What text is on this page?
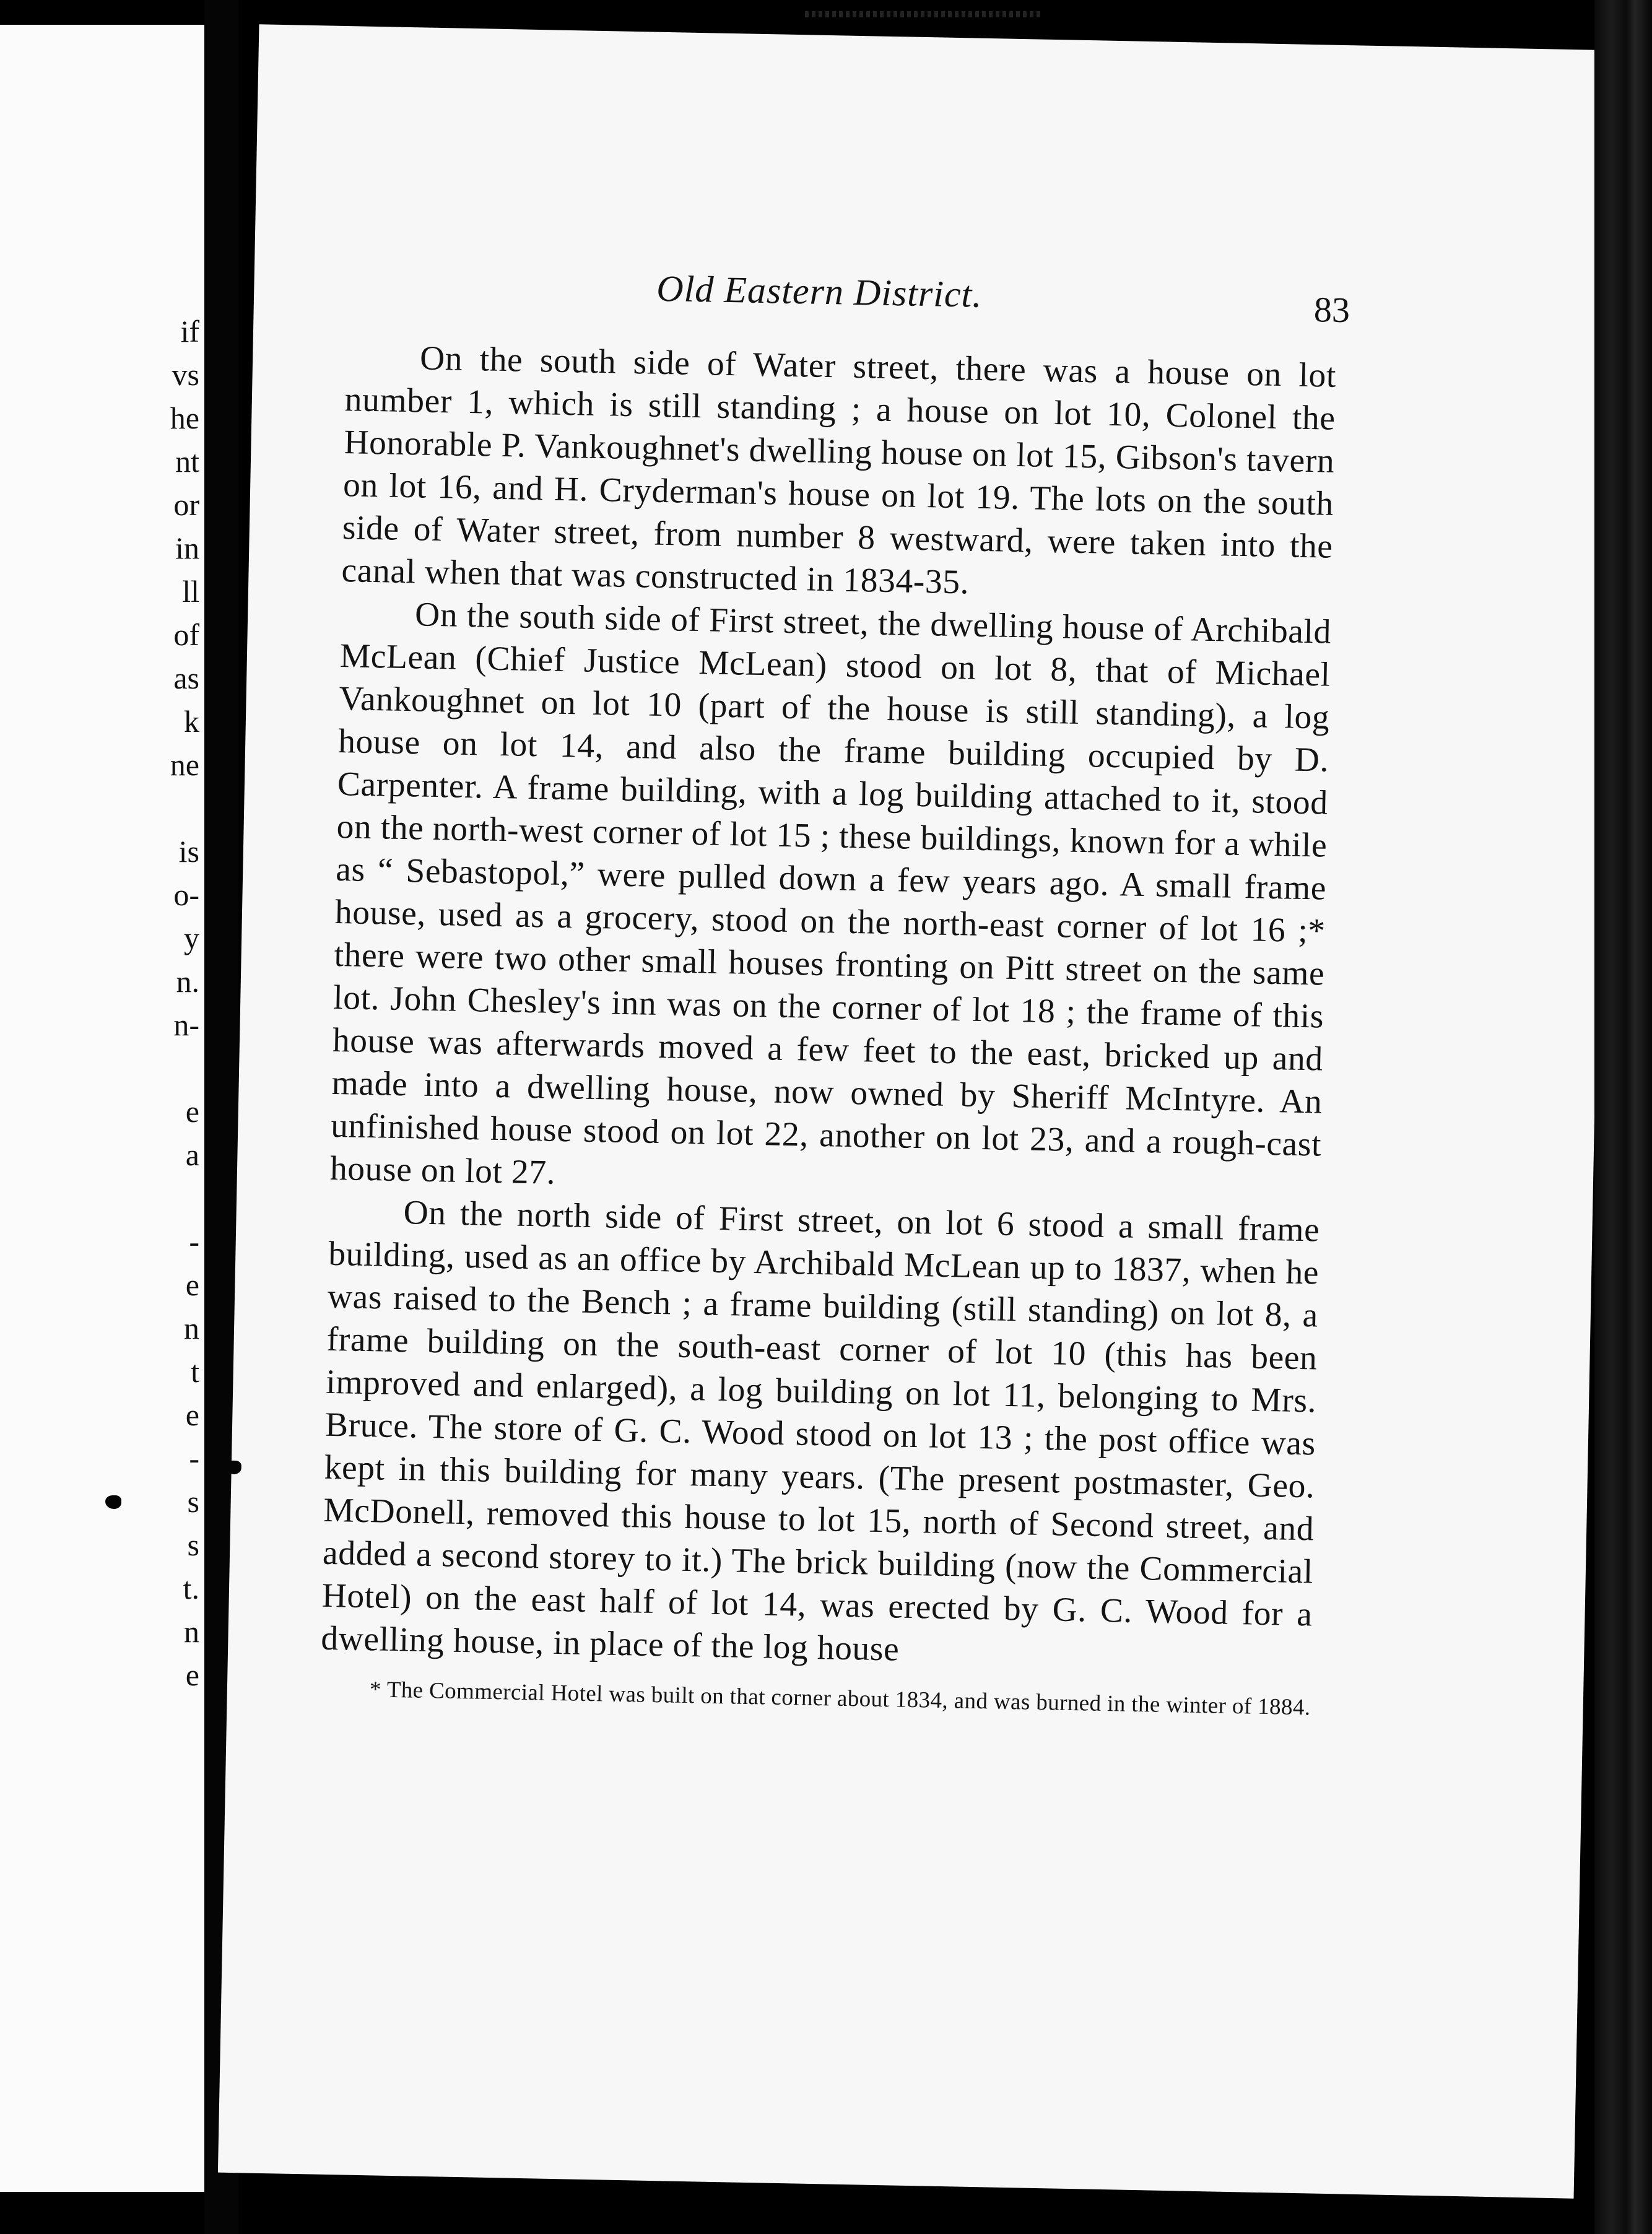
if
vs
he
nt
or
in
ll
of
as
k
ne
is
o-
y
n.
n-
e
a
-
e
n
t
e
-
s
s
t.
n
e
Old Eastern District.	83

On the south side of Water street, there was a house on lot number 1, which is still standing ; a house on lot 10, Colonel the Honorable P. Vankoughnet's dwelling house on lot 15, Gibson's tavern on lot 16, and H. Cryderman's house on lot 19. The lots on the south side of Water street, from number 8 westward, were taken into the canal when that was constructed in 1834-35.

On the south side of First street, the dwelling house of Archibald McLean (Chief Justice McLean) stood on lot 8, that of Michael Vankoughnet on lot 10 (part of the house is still standing), a log house on lot 14, and also the frame building occupied by D. Carpenter. A frame building, with a log building attached to it, stood on the north-west corner of lot 15 ; these buildings, known for a while as “ Sebastopol,” were pulled down a few years ago. A small frame house, used as a grocery, stood on the north-east corner of lot 16 ;* there were two other small houses fronting on Pitt street on the same lot. John Chesley's inn was on the corner of lot 18 ; the frame of this house was afterwards moved a few feet to the east, bricked up and made into a dwelling house, now owned by Sheriff McIntyre. An unfinished house stood on lot 22, another on lot 23, and a rough-cast house on lot 27.

On the north side of First street, on lot 6 stood a small frame building, used as an office by Archibald McLean up to 1837, when he was raised to the Bench ; a frame building (still standing) on lot 8, a frame building on the south-east corner of lot 10 (this has been improved and enlarged), a log building on lot 11, belonging to Mrs. Bruce. The store of G. C. Wood stood on lot 13 ; the post office was kept in this building for many years. (The present postmaster, Geo. McDonell, removed this house to lot 15, north of Second street, and added a second storey to it.) The brick building (now the Commercial Hotel) on the east half of lot 14, was erected by G. C. Wood for a dwelling house, in place of the log house

* The Commercial Hotel was built on that corner about 1834, and was burned in the winter of 1884.
